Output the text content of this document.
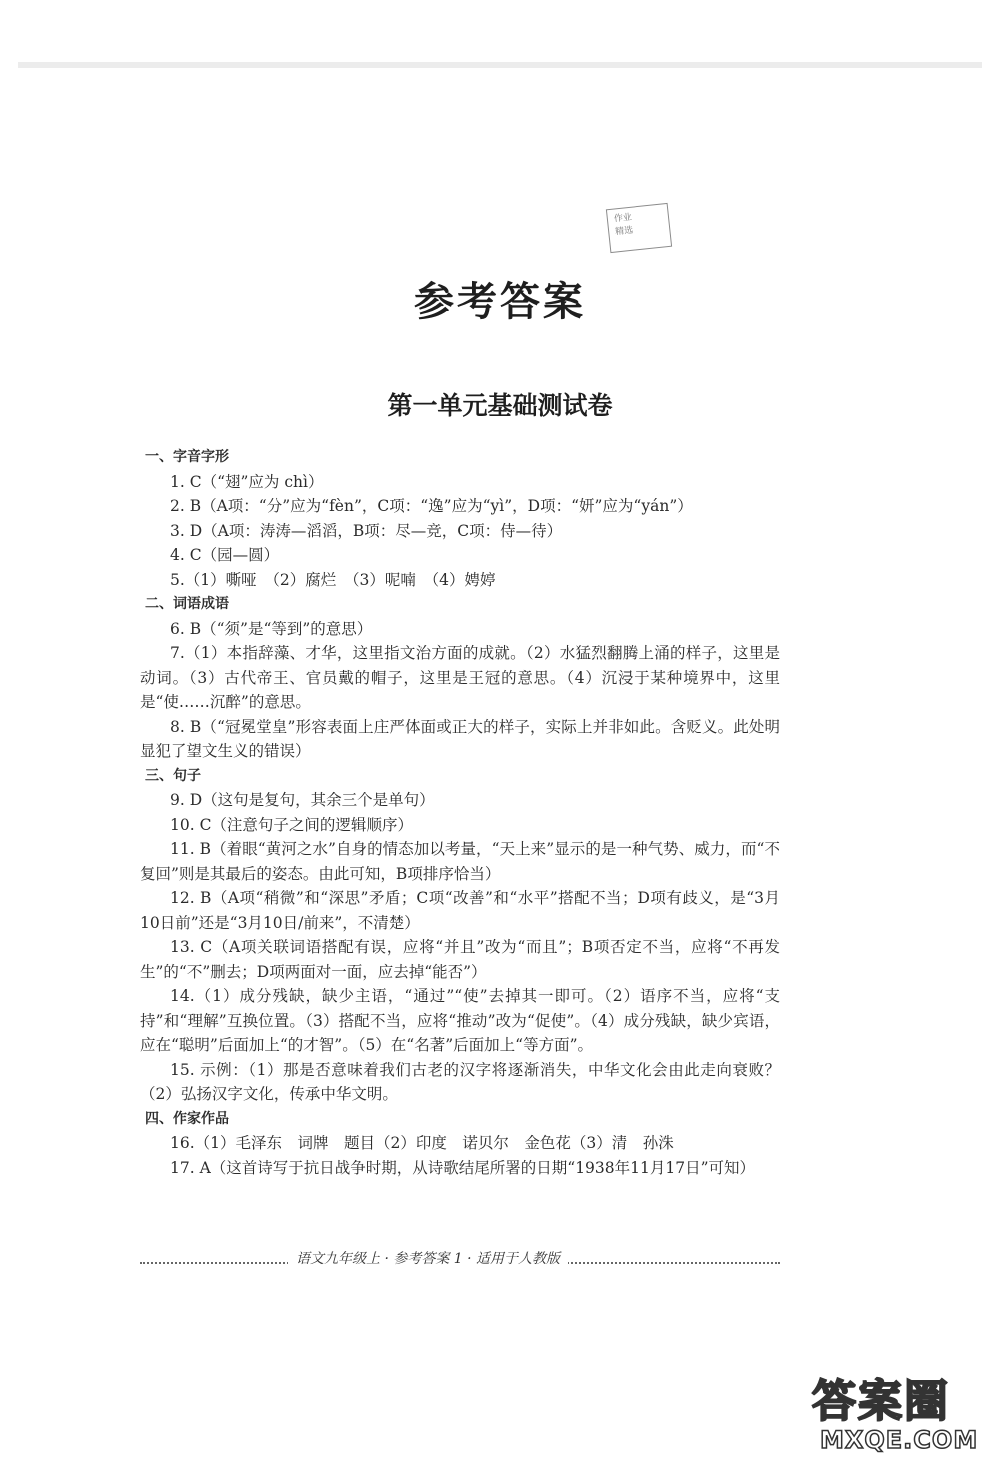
作业
精选
参考答案
第一单元基础测试卷
一、字音字形
1. C（“翅”应为 chì）
2. B（A项：“分”应为“fèn”，C项：“逸”应为“yì”，D项：“妍”应为“yán”）
3. D（A项：涛涛—滔滔，B项：尽—竞，C项：侍—待）
4. C（园—圆）
5.（1）嘶哑　（2）腐烂　（3）呢喃　（4）娉婷
二、词语成语
6. B（“须”是“等到”的意思）
7.（1）本指辞藻、才华，这里指文治方面的成就。（2）水猛烈翻腾上涌的样子，这里是动词。（3）古代帝王、官员戴的帽子，这里是王冠的意思。（4）沉浸于某种境界中，这里是“使……沉醉”的意思。
8. B（“冠冕堂皇”形容表面上庄严体面或正大的样子，实际上并非如此。含贬义。此处明显犯了望文生义的错误）
三、句子
9. D（这句是复句，其余三个是单句）
10. C（注意句子之间的逻辑顺序）
11. B（着眼“黄河之水”自身的情态加以考量，“天上来”显示的是一种气势、威力，而“不复回”则是其最后的姿态。由此可知，B项排序恰当）
12. B（A项“稍微”和“深思”矛盾；C项“改善”和“水平”搭配不当；D项有歧义，是“3月10日前”还是“3月10日/前来”，不清楚）
13. C（A项关联词语搭配有误，应将“并且”改为“而且”；B项否定不当，应将“不再发生”的“不”删去；D项两面对一面，应去掉“能否”）
14.（1）成分残缺，缺少主语，“通过”“使”去掉其一即可。（2）语序不当，应将“支持”和“理解”互换位置。（3）搭配不当，应将“推动”改为“促使”。（4）成分残缺，缺少宾语，应在“聪明”后面加上“的才智”。（5）在“名著”后面加上“等方面”。
15. 示例：（1）那是否意味着我们古老的汉字将逐渐消失，中华文化会由此走向衰败？（2）弘扬汉字文化，传承中华文明。
四、作家作品
16.（1）毛泽东　词牌　题目（2）印度　诺贝尔　金色花（3）清　孙洙
17. A（这首诗写于抗日战争时期，从诗歌结尾所署的日期“1938年11月17日”可知）
语文九年级上 · 参考答案 1 · 适用于人教版
答案圈
MXQE.COM
